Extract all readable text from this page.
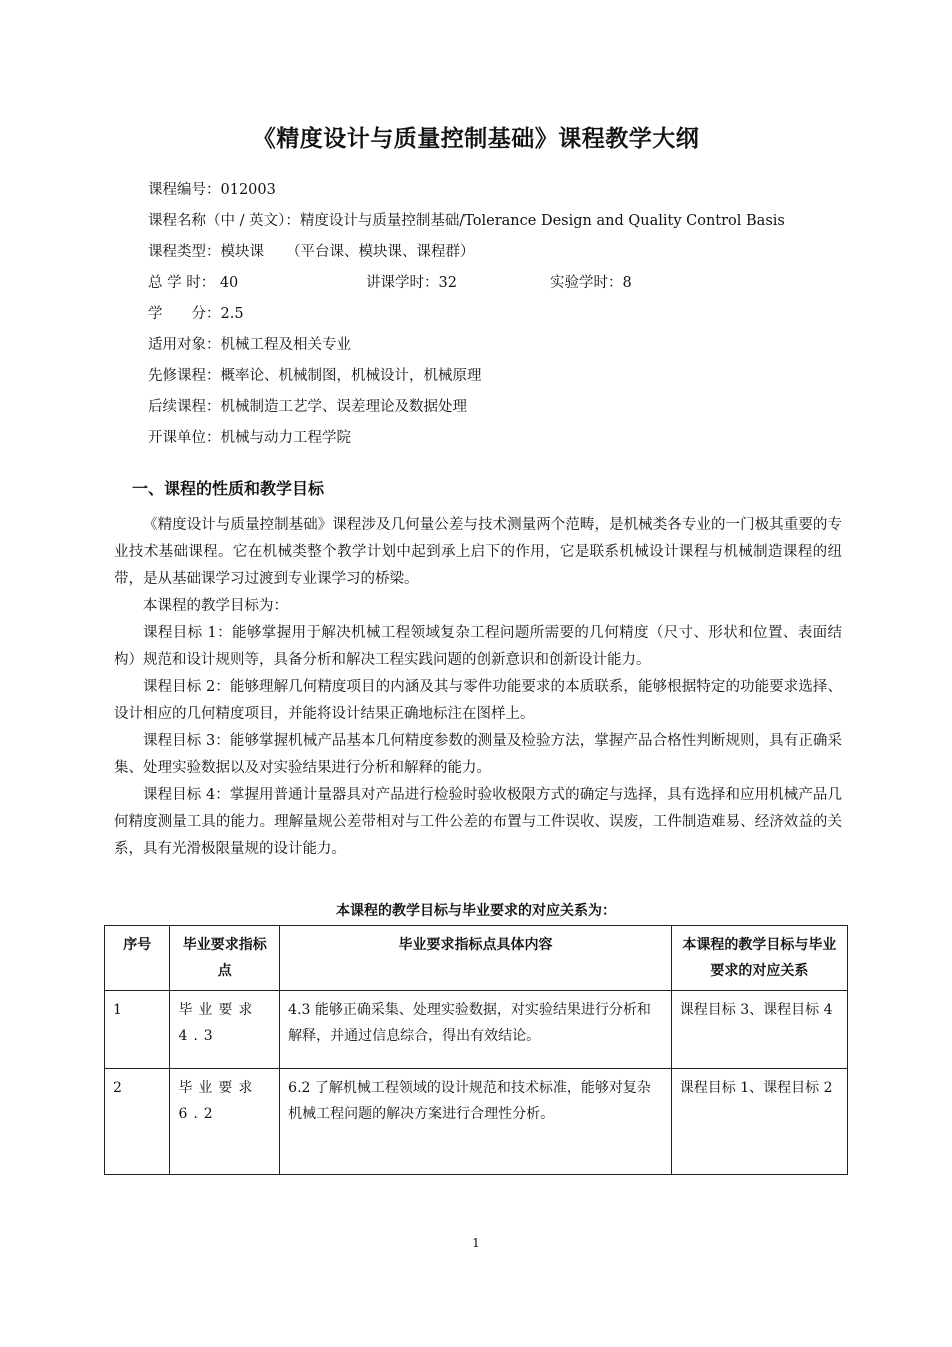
《精度设计与质量控制基础》课程教学大纲
课程编号：012003
课程名称（中 / 英文）：精度设计与质量控制基础/Tolerance Design and Quality Control Basis
课程类型：模块课 （平台课、模块课、课程群）
总 学 时： 40	讲课学时：32	实验学时：8
学　　分：2.5
适用对象：机械工程及相关专业
先修课程：概率论、机械制图，机械设计，机械原理
后续课程：机械制造工艺学、误差理论及数据处理
开课单位：机械与动力工程学院
一、课程的性质和教学目标

《精度设计与质量控制基础》课程涉及几何量公差与技术测量两个范畴，是机械类各专业的一门极其重要的专业技术基础课程。它在机械类整个教学计划中起到承上启下的作用，它是联系机械设计课程与机械制造课程的纽带，是从基础课学习过渡到专业课学习的桥梁。

本课程的教学目标为：

课程目标 1：能够掌握用于解决机械工程领域复杂工程问题所需要的几何精度（尺寸、形状和位置、表面结构）规范和设计规则等，具备分析和解决工程实践问题的创新意识和创新设计能力。

课程目标 2：能够理解几何精度项目的内涵及其与零件功能要求的本质联系，能够根据特定的功能要求选择、设计相应的几何精度项目，并能将设计结果正确地标注在图样上。

课程目标 3：能够掌握机械产品基本几何精度参数的测量及检验方法，掌握产品合格性判断规则，具有正确采集、处理实验数据以及对实验结果进行分析和解释的能力。

课程目标 4：掌握用普通计量器具对产品进行检验时验收极限方式的确定与选择，具有选择和应用机械产品几何精度测量工具的能力。理解量规公差带相对与工件公差的布置与工件误收、误废，工件制造难易、经济效益的关系，具有光滑极限量规的设计能力。

本课程的教学目标与毕业要求的对应关系为：
序号	毕业要求指标点	毕业要求指标点具体内容	本课程的教学目标与毕业要求的对应关系
1	毕业要求 4.3	4.3 能够正确采集、处理实验数据，对实验结果进行分析和解释，并通过信息综合，得出有效结论。	课程目标 3、课程目标 4
2	毕业要求 6.2	6.2 了解机械工程领域的设计规范和技术标准，能够对复杂机械工程问题的解决方案进行合理性分析。	课程目标 1、课程目标 2
1
